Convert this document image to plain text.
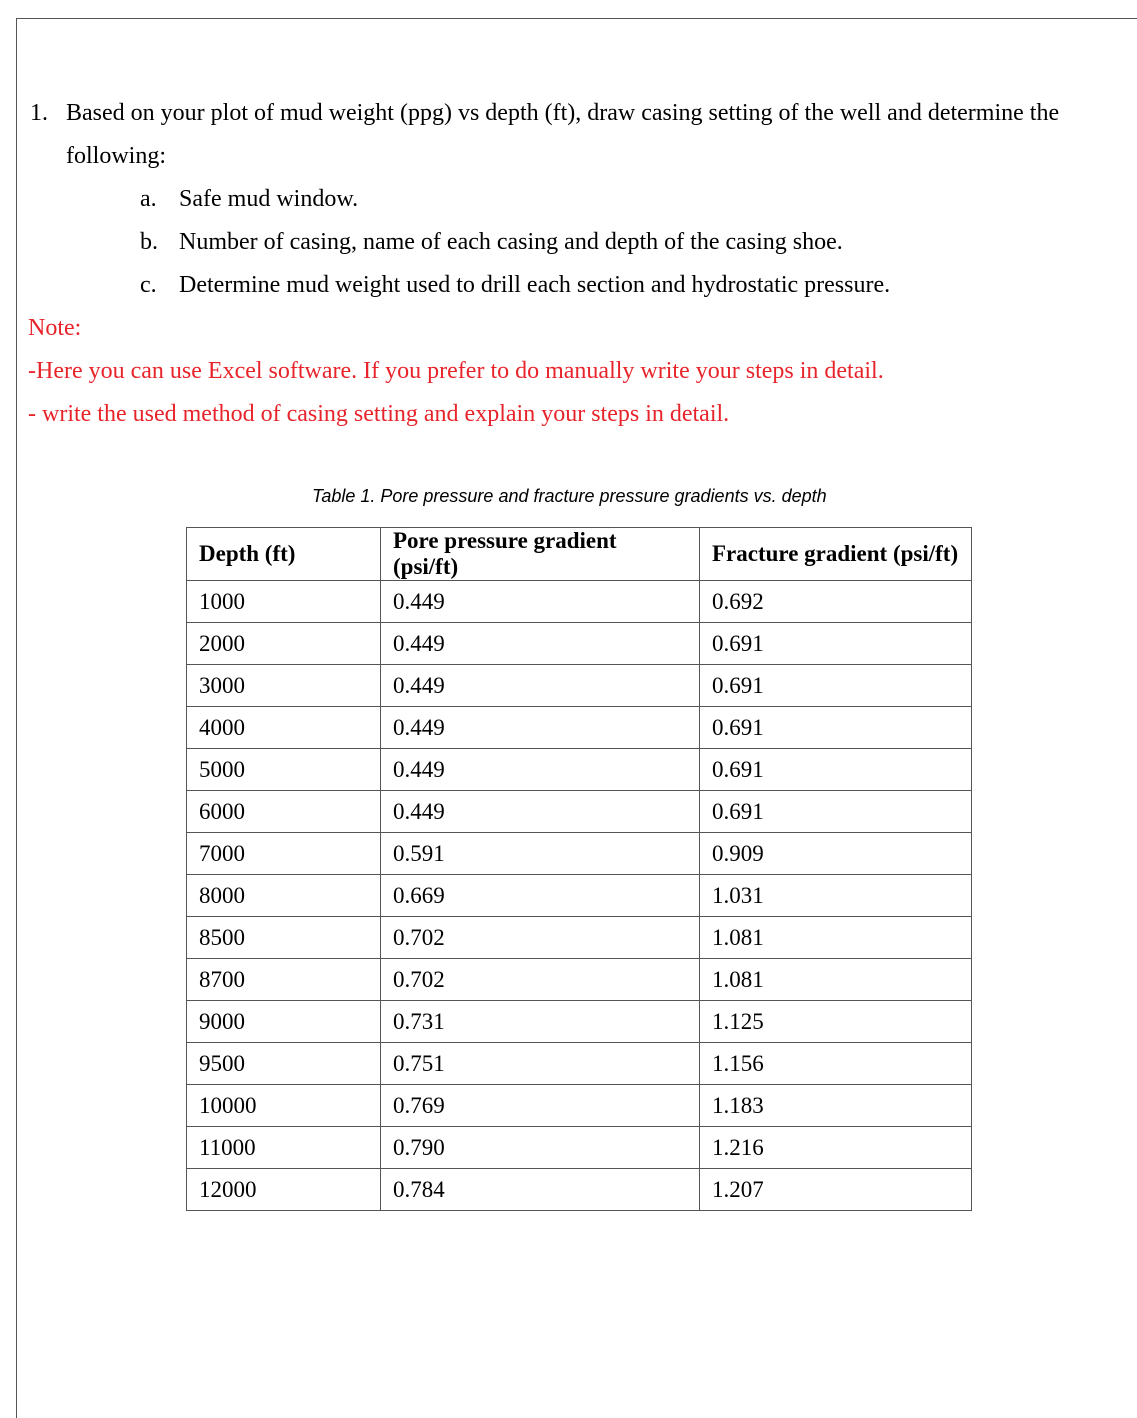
1. Based on your plot of mud weight (ppg) vs depth (ft), draw casing setting of the well and determine the
following:
a. Safe mud window.
b. Number of casing, name of each casing and depth of the casing shoe.
c. Determine mud weight used to drill each section and hydrostatic pressure.
Note:
-Here you can use Excel software. If you prefer to do manually write your steps in detail.
- write the used method of casing setting and explain your steps in detail.
Table 1. Pore pressure and fracture pressure gradients vs. depth
Depth (ft)	Pore pressure gradient (psi/ft)	Fracture gradient (psi/ft)
1000	0.449	0.692
2000	0.449	0.691
3000	0.449	0.691
4000	0.449	0.691
5000	0.449	0.691
6000	0.449	0.691
7000	0.591	0.909
8000	0.669	1.031
8500	0.702	1.081
8700	0.702	1.081
9000	0.731	1.125
9500	0.751	1.156
10000	0.769	1.183
11000	0.790	1.216
12000	0.784	1.207
